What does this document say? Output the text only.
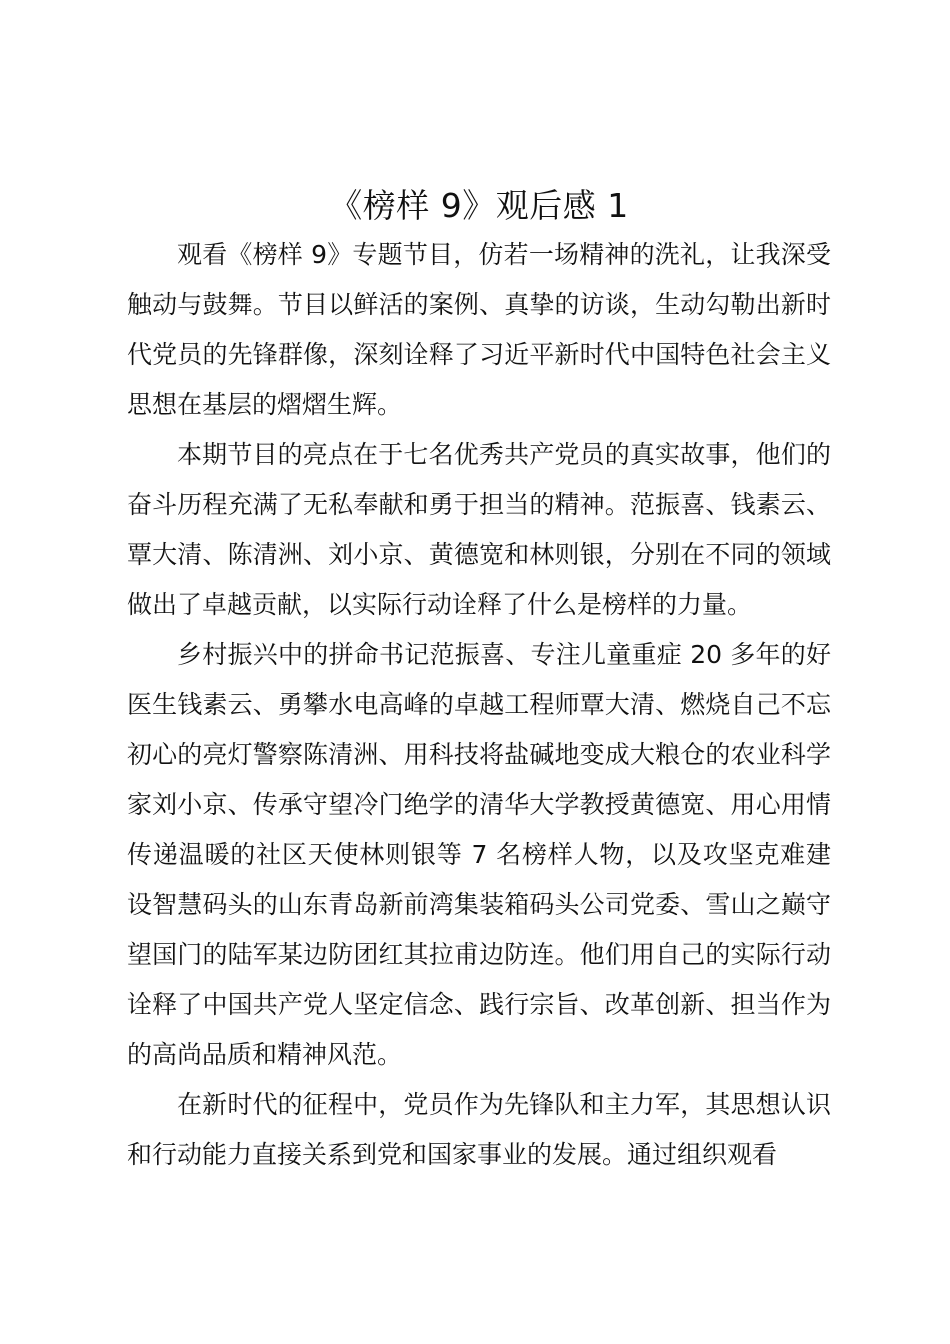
《榜样 9》观后感 1

观看《榜样 9》专题节目，仿若一场精神的洗礼，让我深受触动与鼓舞。节目以鲜活的案例、真挚的访谈，生动勾勒出新时代党员的先锋群像，深刻诠释了习近平新时代中国特色社会主义思想在基层的熠熠生辉。

本期节目的亮点在于七名优秀共产党员的真实故事，他们的奋斗历程充满了无私奉献和勇于担当的精神。范振喜、钱素云、覃大清、陈清洲、刘小京、黄德宽和林则银，分别在不同的领域做出了卓越贡献，以实际行动诠释了什么是榜样的力量。

乡村振兴中的拼命书记范振喜、专注儿童重症 20 多年的好医生钱素云、勇攀水电高峰的卓越工程师覃大清、燃烧自己不忘初心的亮灯警察陈清洲、用科技将盐碱地变成大粮仓的农业科学家刘小京、传承守望冷门绝学的清华大学教授黄德宽、用心用情传递温暖的社区天使林则银等 7 名榜样人物，以及攻坚克难建设智慧码头的山东青岛新前湾集装箱码头公司党委、雪山之巅守望国门的陆军某边防团红其拉甫边防连。他们用自己的实际行动诠释了中国共产党人坚定信念、践行宗旨、改革创新、担当作为的高尚品质和精神风范。

在新时代的征程中，党员作为先锋队和主力军，其思想认识和行动能力直接关系到党和国家事业的发展。通过组织观看
